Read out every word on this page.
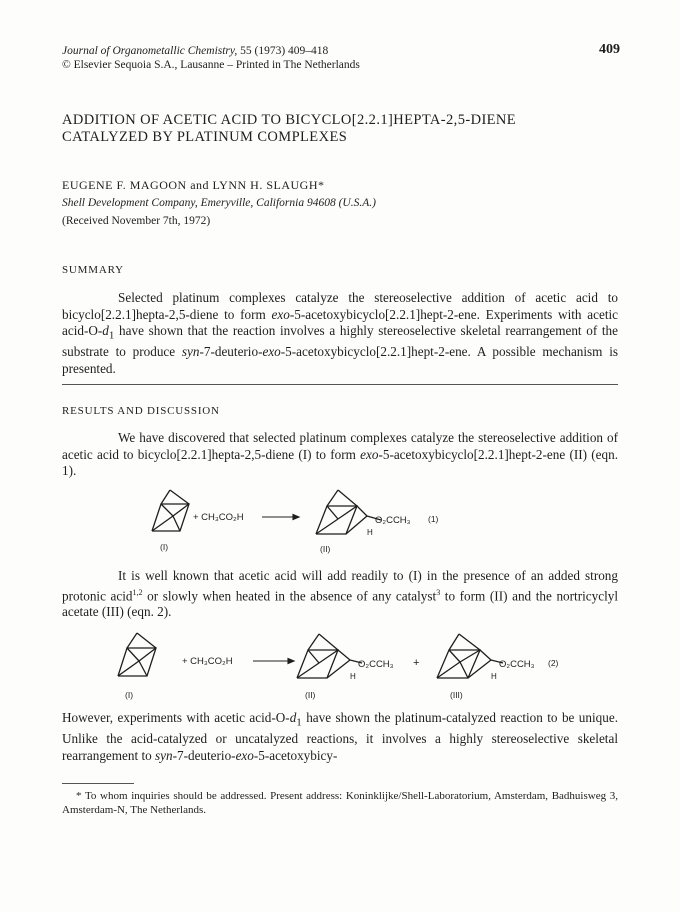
Journal of Organometallic Chemistry, 55 (1973) 409–418
© Elsevier Sequoia S.A., Lausanne – Printed in The Netherlands
409
ADDITION OF ACETIC ACID TO BICYCLO[2.2.1]HEPTA-2,5-DIENE
CATALYZED BY PLATINUM COMPLEXES
EUGENE F. MAGOON and LYNN H. SLAUGH*
Shell Development Company, Emeryville, California 94608 (U.S.A.)
(Received November 7th, 1972)
SUMMARY

Selected platinum complexes catalyze the stereoselective addition of acetic acid to bicyclo[2.2.1]hepta-2,5-diene to form exo-5-acetoxybicyclo[2.2.1]hept-2-ene. Experiments with acetic acid-$O-d_1$ have shown that the reaction involves a highly stereoselective skeletal rearrangement of the substrate to produce syn-7-deuterio-exo-5-acetoxybicyclo[2.2.1]hept-2-ene. A possible mechanism is presented.

RESULTS AND DISCUSSION

We have discovered that selected platinum complexes catalyze the stereoselective addition of acetic acid to bicyclo[2.2.1]hepta-2,5-diene (I) to form exo-5-acetoxybicyclo[2.2.1]hept-2-ene (II) (eqn. 1).

+ CH₃CO₂H	O₂CCH₃
H
(1)
(I)	(II)

It is well known that acetic acid will add readily to (I) in the presence of an added strong protonic acid$^{1,2}$ or slowly when heated in the absence of any catalyst$^3$ to form (II) and the nortricyclyl acetate (III) (eqn. 2).

+ CH₃CO₂H	O₂CCH₃
H
+	O₂CCH₃
H
(2)
(I)	(II)	(III)

However, experiments with acetic acid-$O-d_1$ have shown the platinum-catalyzed reaction to be unique. Unlike the acid-catalyzed or uncatalyzed reactions, it involves a highly stereoselective skeletal rearrangement to syn-7-deuterio-exo-5-acetoxybicy-

* To whom inquiries should be addressed. Present address: Koninklijke/Shell-Laboratorium, Amsterdam, Badhuisweg 3, Amsterdam-N, The Netherlands.
